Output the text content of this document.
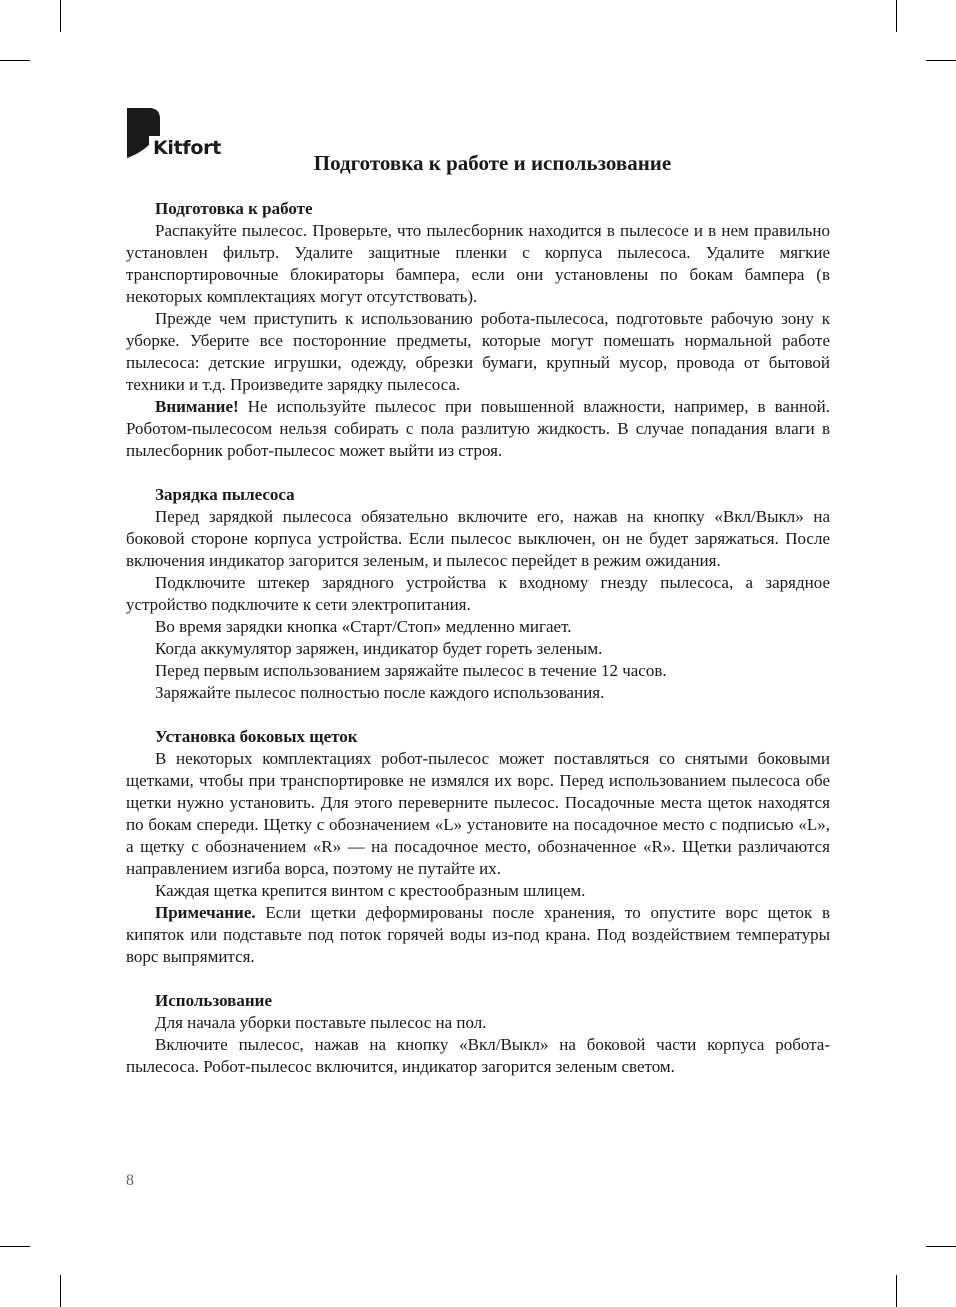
Kitfort
Подготовка к работе и использование
Подготовка к работе

Распакуйте пылесос. Проверьте, что пылесборник находится в пылесосе и в нем правильно установлен фильтр. Удалите защитные пленки с корпуса пылесоса. Удалите мягкие транспортировочные блокираторы бампера, если они установлены по бокам бампера (в некоторых комплектациях могут отсутствовать).

Прежде чем приступить к использованию робота-пылесоса, подготовьте рабочую зону к уборке. Уберите все посторонние предметы, которые могут помешать нормальной работе пылесоса: детские игрушки, одежду, обрезки бумаги, крупный мусор, провода от бытовой техники и т.д. Произведите зарядку пылесоса.

Внимание! Не используйте пылесос при повышенной влажности, например, в ванной. Роботом-пылесосом нельзя собирать с пола разлитую жидкость. В случае попадания влаги в пылесборник робот-пылесос может выйти из строя.

Зарядка пылесоса

Перед зарядкой пылесоса обязательно включите его, нажав на кнопку «Вкл/Выкл» на боковой стороне корпуса устройства. Если пылесос выключен, он не будет заряжаться. После включения индикатор загорится зеленым, и пылесос перейдет в режим ожидания.

Подключите штекер зарядного устройства к входному гнезду пылесоса, а зарядное устройство подключите к сети электропитания.

Во время зарядки кнопка «Старт/Стоп» медленно мигает.

Когда аккумулятор заряжен, индикатор будет гореть зеленым.

Перед первым использованием заряжайте пылесос в течение 12 часов.

Заряжайте пылесос полностью после каждого использования.

Установка боковых щеток

В некоторых комплектациях робот-пылесос может поставляться со снятыми боковыми щетками, чтобы при транспортировке не измялся их ворс. Перед использованием пылесоса обе щетки нужно установить. Для этого переверните пылесос. Посадочные места щеток находятся по бокам спереди. Щетку с обозначением «L» установите на посадочное место с подписью «L», а щетку с обозначением «R» — на посадочное место, обозначенное «R». Щетки различаются направлением изгиба ворса, поэтому не путайте их.

Каждая щетка крепится винтом с крестообразным шлицем.

Примечание. Если щетки деформированы после хранения, то опустите ворс щеток в кипяток или подставьте под поток горячей воды из-под крана. Под воздействием температуры ворс выпрямится.

Использование

Для начала уборки поставьте пылесос на пол.

Включите пылесос, нажав на кнопку «Вкл/Выкл» на боковой части корпуса робота-пылесоса. Робот-пылесос включится, индикатор загорится зеленым светом.

8
